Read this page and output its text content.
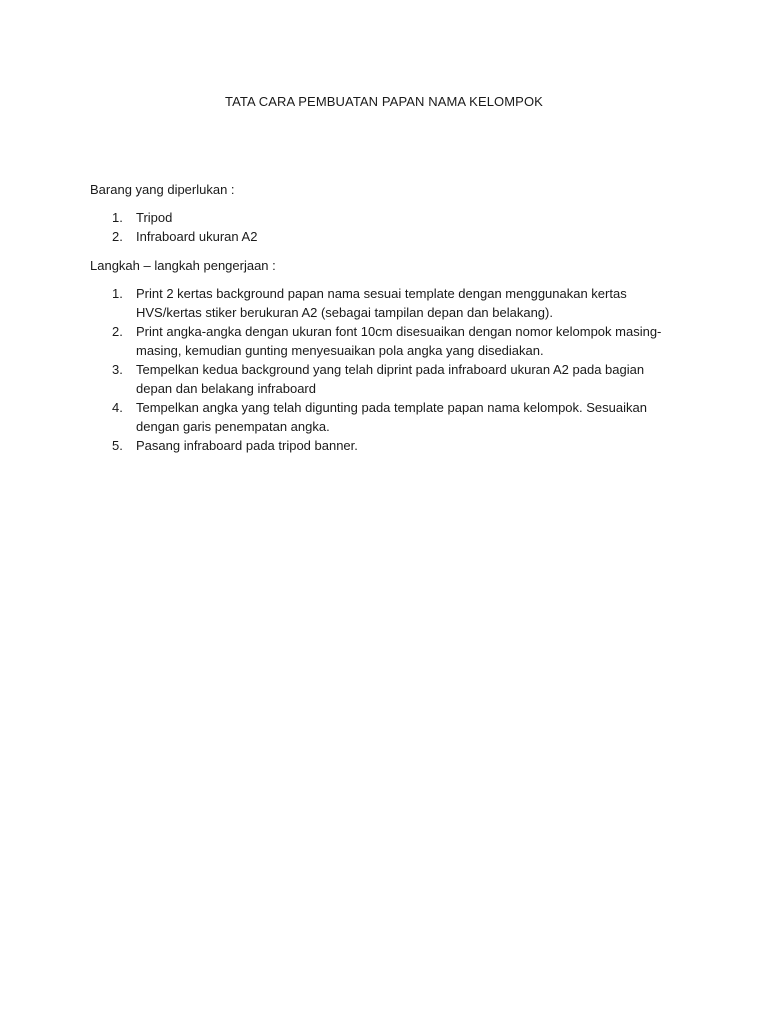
TATA CARA PEMBUATAN PAPAN NAMA KELOMPOK

Barang yang diperlukan :

1. Tripod
2. Infraboard ukuran A2

Langkah – langkah pengerjaan :

1. Print 2 kertas background papan nama sesuai template dengan menggunakan kertas HVS/kertas stiker berukuran A2 (sebagai tampilan depan dan belakang).
2. Print angka-angka dengan ukuran font 10cm disesuaikan dengan nomor kelompok masing-masing, kemudian gunting menyesuaikan pola angka yang disediakan.
3. Tempelkan kedua background yang telah diprint pada infraboard ukuran A2 pada bagian depan dan belakang infraboard
4. Tempelkan angka yang telah digunting pada template papan nama kelompok. Sesuaikan dengan garis penempatan angka.
5. Pasang infraboard pada tripod banner.
